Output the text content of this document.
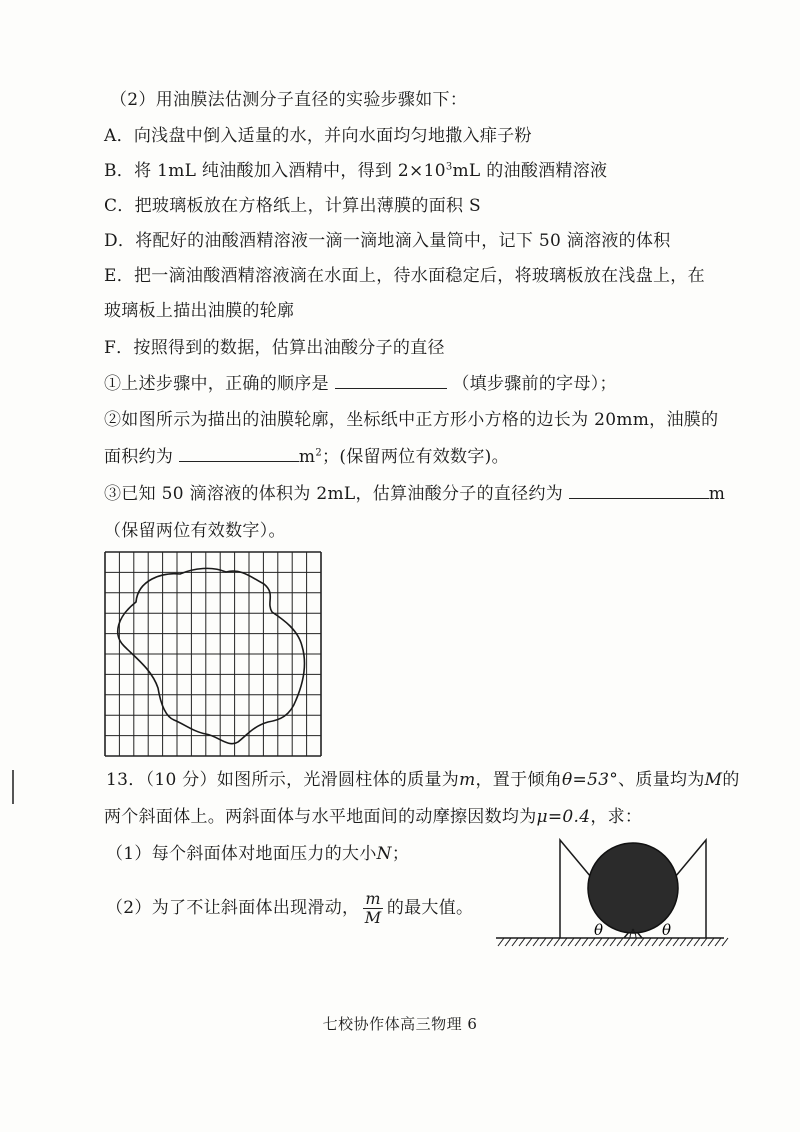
（2）用油膜法估测分子直径的实验步骤如下：
A．向浅盘中倒入适量的水，并向水面均匀地撒入痱子粉
B．将 1mL 纯油酸加入酒精中，得到 $2\times 10^3mL$ 的油酸酒精溶液
C．把玻璃板放在方格纸上，计算出薄膜的面积 S
D．将配好的油酸酒精溶液一滴一滴地滴入量筒中，记下 50 滴溶液的体积
E．把一滴油酸酒精溶液滴在水面上，待水面稳定后，将玻璃板放在浅盘上，在
玻璃板上描出油膜的轮廓
F．按照得到的数据，估算出油酸分子的直径
①上述步骤中，正确的顺序是	（填步骤前的字母）；
②如图所示为描出的油膜轮廓，坐标纸中正方形小方格的边长为 20mm，油膜的
面积约为	$m^2$；(保留两位有效数字)。
③已知 50 滴溶液的体积为 2mL，估算油酸分子的直径约为	m
（保留两位有效数字）。
13．（10 分）如图所示，光滑圆柱体的质量为m，置于倾角θ=53°、质量均为M的
两个斜面体上。两斜面体与水平地面间的动摩擦因数均为μ=0.4，求：
（1）每个斜面体对地面压力的大小N；
（2）为了不让斜面体出现滑动， $\frac{m}{M}$ 的最大值。
θ	θ
七校协作体高三物理 6
